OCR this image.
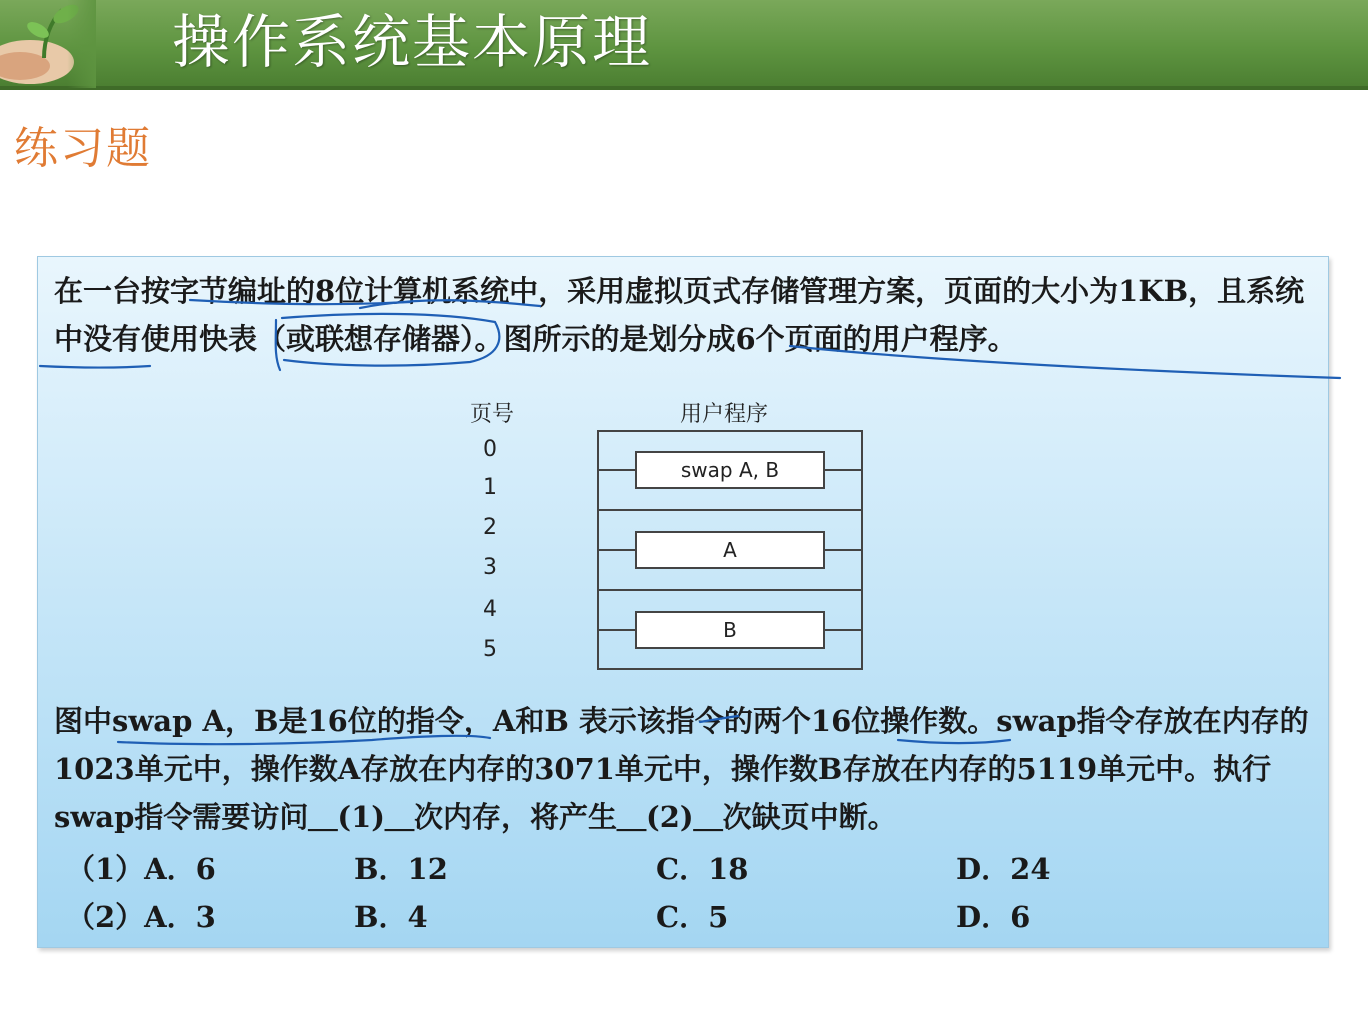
操作系统基本原理
练习题
在一台按字节编址的8位计算机系统中，采用虚拟页式存储管理方案，页面的大小为1KB，且系统中没有使用快表（或联想存储器）。图所示的是划分成6个页面的用户程序。
页号	用户程序
0
1
2
3
4
5
swap A, B
A
B
图中swap A，B是16位的指令，A和B 表示该指令的两个16位操作数。swap指令存放在内存的1023单元中，操作数A存放在内存的3071单元中，操作数B存放在内存的5119单元中。执行swap指令需要访问＿(1)＿次内存，将产生＿(2)＿次缺页中断。
（1）A．6	B．12	C．18	D．24
（2）A．3	B．4	C．5	D．6
